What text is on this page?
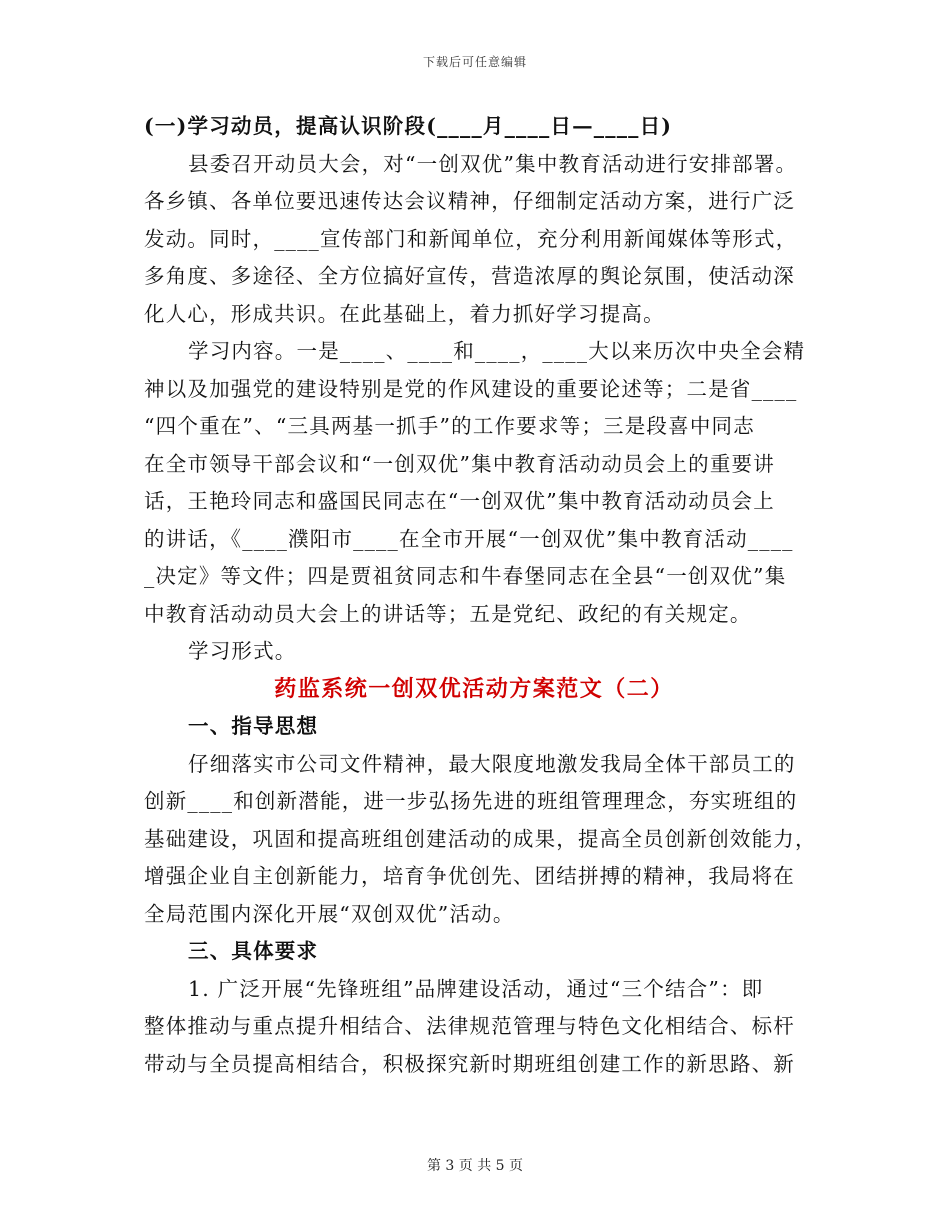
下载后可任意编辑
(一)学习动员，提高认识阶段(____月____日—____日)
县委召开动员大会，对“一创双优”集中教育活动进行安排部署。
各乡镇、各单位要迅速传达会议精神，仔细制定活动方案，进行广泛
发动。同时，____宣传部门和新闻单位，充分利用新闻媒体等形式，
多角度、多途径、全方位搞好宣传，营造浓厚的舆论氛围，使活动深
化人心，形成共识。在此基础上，着力抓好学习提高。
学习内容。一是____、____和____，____大以来历次中央全会精
神以及加强党的建设特别是党的作风建设的重要论述等；二是省____
“四个重在”、“三具两基一抓手”的工作要求等；三是段喜中同志
在全市领导干部会议和“一创双优”集中教育活动动员会上的重要讲
话，王艳玲同志和盛国民同志在“一创双优”集中教育活动动员会上
的讲话，《____濮阳市____在全市开展“一创双优”集中教育活动____
_决定》等文件；四是贾祖贫同志和牛春堡同志在全县“一创双优”集
中教育活动动员大会上的讲话等；五是党纪、政纪的有关规定。
学习形式。
药监系统一创双优活动方案范文（二）
一、指导思想
仔细落实市公司文件精神，最大限度地激发我局全体干部员工的
创新____和创新潜能，进一步弘扬先进的班组管理理念，夯实班组的
基础建设，巩固和提高班组创建活动的成果，提高全员创新创效能力，
增强企业自主创新能力，培育争优创先、团结拼搏的精神，我局将在
全局范围内深化开展“双创双优”活动。
三、具体要求
1. 广泛开展“先锋班组”品牌建设活动，通过“三个结合”：即
整体推动与重点提升相结合、法律规范管理与特色文化相结合、标杆
带动与全员提高相结合，积极探究新时期班组创建工作的新思路、新
第 3 页 共 5 页
